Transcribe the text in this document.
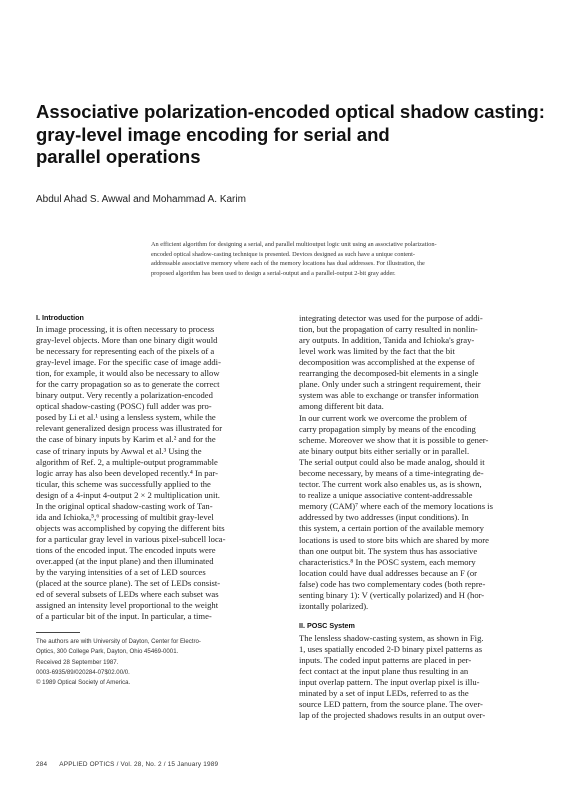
Associative polarization-encoded optical shadow casting:
gray-level image encoding for serial and
parallel operations

Abdul Ahad S. Awwal and Mohammad A. Karim

An efficient algorithm for designing a serial, and parallel multioutput logic unit using an associative polarization-
encoded optical shadow-casting technique is presented. Devices designed as such have a unique content-
addressable associative memory where each of the memory locations has dual addresses. For illustration, the
proposed algorithm has been used to design a serial-output and a parallel-output 2-bit gray adder.

I. Introduction

In image processing, it is often necessary to process
gray-level objects. More than one binary digit would
be necessary for representing each of the pixels of a
gray-level image. For the specific case of image addi-
tion, for example, it would also be necessary to allow
for the carry propagation so as to generate the correct
binary output. Very recently a polarization-encoded
optical shadow-casting (POSC) full adder was pro-
posed by Li et al.¹ using a lensless system, while the
relevant generalized design process was illustrated for
the case of binary inputs by Karim et al.² and for the
case of trinary inputs by Awwal et al.³ Using the
algorithm of Ref. 2, a multiple-output programmable
logic array has also been developed recently.⁴ In par-
ticular, this scheme was successfully applied to the
design of a 4-input 4-output 2 × 2 multiplication unit.

In the original optical shadow-casting work of Tan-
ida and Ichioka,⁵,⁶ processing of multibit gray-level
objects was accomplished by copying the different bits
for a particular gray level in various pixel-subcell loca-
tions of the encoded input. The encoded inputs were
over.apped (at the input plane) and then illuminated
by the varying intensities of a set of LED sources
(placed at the source plane). The set of LEDs consist-
ed of several subsets of LEDs where each subset was
assigned an intensity level proportional to the weight
of a particular bit of the input. In particular, a time-

The authors are with University of Dayton, Center for Electro-
Optics, 300 College Park, Dayton, Ohio 45469-0001.
Received 28 September 1987.
0003-6935/89/020284-07$02.00/0.
© 1989 Optical Society of America.

integrating detector was used for the purpose of addi-
tion, but the propagation of carry resulted in nonlin-
ary outputs. In addition, Tanida and Ichioka's gray-
level work was limited by the fact that the bit
decomposition was accomplished at the expense of
rearranging the decomposed-bit elements in a single
plane. Only under such a stringent requirement, their
system was able to exchange or transfer information
among different bit data.

In our current work we overcome the problem of
carry propagation simply by means of the encoding
scheme. Moreover we show that it is possible to gener-
ate binary output bits either serially or in parallel.
The serial output could also be made analog, should it
become necessary, by means of a time-integrating de-
tector. The current work also enables us, as is shown,
to realize a unique associative content-addressable
memory (CAM)⁷ where each of the memory locations is
addressed by two addresses (input conditions). In
this system, a certain portion of the available memory
locations is used to store bits which are shared by more
than one output bit. The system thus has associative
characteristics.⁸ In the POSC system, each memory
location could have dual addresses because an F (or
false) code has two complementary codes (both repre-
senting binary 1): V (vertically polarized) and H (hor-
izontally polarized).

II. POSC System

The lensless shadow-casting system, as shown in Fig.
1, uses spatially encoded 2-D binary pixel patterns as
inputs. The coded input patterns are placed in per-
fect contact at the input plane thus resulting in an
input overlap pattern. The input overlap pixel is illu-
minated by a set of input LEDs, referred to as the
source LED pattern, from the source plane. The over-
lap of the projected shadows results in an output over-

284 APPLIED OPTICS / Vol. 28, No. 2 / 15 January 1989
